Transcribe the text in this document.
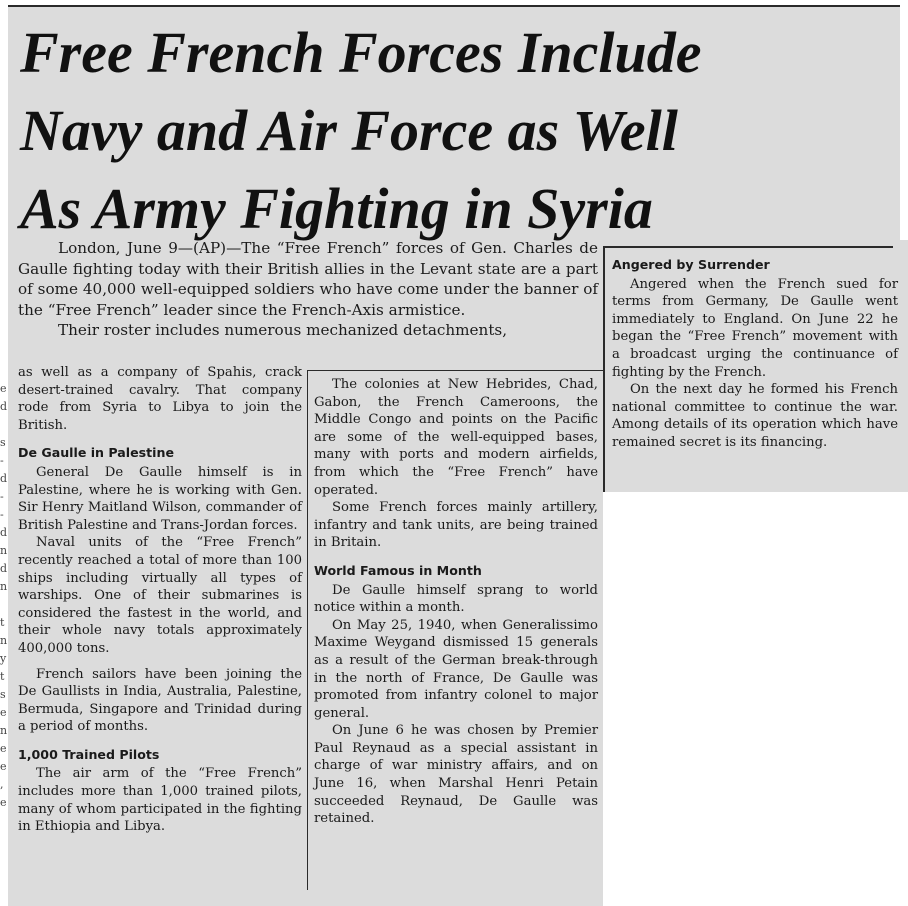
Free French Forces Include
Navy and Air Force as Well
As Army Fighting in Syria

London, June 9—(AP)—The “Free French” forces of Gen. Charles de Gaulle fighting today with their British allies in the Levant state are a part of some 40,000 well-equipped soldiers who have come under the banner of the “Free French” leader since the French-Axis armistice.

Their roster includes numerous mechanized detachments,

e
d
s
-
d
-
-
d
n
d
n
t
n
y
t
s
e
n
e
e
,
e

as well as a company of Spahis, crack desert-trained cavalry. That company rode from Syria to Libya to join the British.

De Gaulle in Palestine

General De Gaulle himself is in Palestine, where he is working with Gen. Sir Henry Maitland Wilson, commander of British Palestine and Trans-Jordan forces.

Naval units of the “Free French” recently reached a total of more than 100 ships including virtually all types of warships. One of their submarines is considered the fastest in the world, and their whole navy totals approximately 400,000 tons.

French sailors have been joining the De Gaullists in India, Australia, Palestine, Bermuda, Singapore and Trinidad during a period of months.

1,000 Trained Pilots

The air arm of the “Free French” includes more than 1,000 trained pilots, many of whom participated in the fighting in Ethiopia and Libya.

The colonies at New Hebrides, Chad, Gabon, the French Cameroons, the Middle Congo and points on the Pacific are some of the well-equipped bases, many with ports and modern airfields, from which the “Free French” have operated.

Some French forces mainly artillery, infantry and tank units, are being trained in Britain.

World Famous in Month

De Gaulle himself sprang to world notice within a month.

On May 25, 1940, when Generalissimo Maxime Weygand dismissed 15 generals as a result of the German break-through in the north of France, De Gaulle was promoted from infantry colonel to major general.

On June 6 he was chosen by Premier Paul Reynaud as a special assistant in charge of war ministry affairs, and on June 16, when Marshal Henri Petain succeeded Reynaud, De Gaulle was retained.

Angered by Surrender

Angered when the French sued for terms from Germany, De Gaulle went immediately to England. On June 22 he began the “Free French” movement with a broadcast urging the continuance of fighting by the French.

On the next day he formed his French national committee to continue the war. Among details of its operation which have remained secret is its financing.
